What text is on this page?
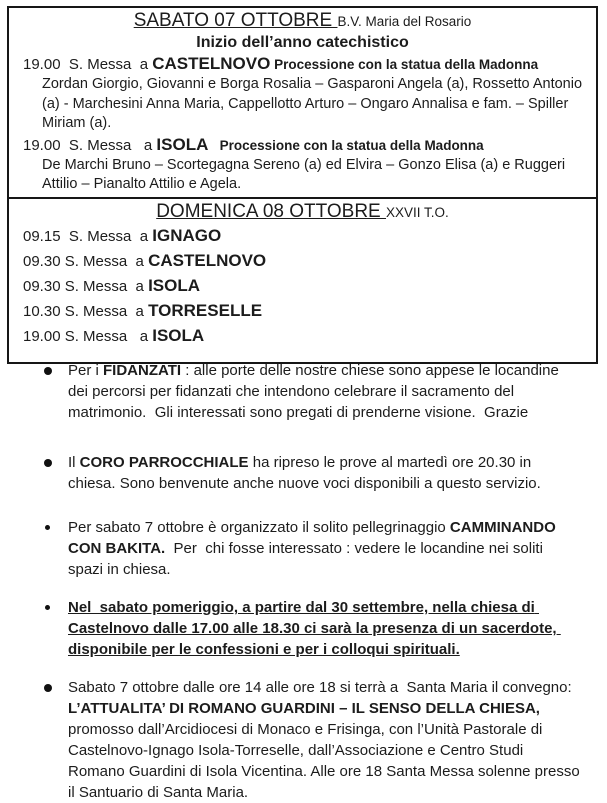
SABATO 07 OTTOBRE B.V. Maria del Rosario
Inizio dell’anno catechistico
19.00  S. Messa  a CASTELNOVO Processione con la statua della Madonna
Zordan Giorgio, Giovanni e Borga Rosalia – Gasparoni Angela (a), Rossetto Antonio (a) - Marchesini Anna Maria, Cappellotto Arturo – Ongaro Annalisa e fam. – Spiller Miriam (a).
19.00  S. Messa   a ISOLA   Processione con la statua della Madonna
De Marchi Bruno – Scortegagna Sereno (a) ed Elvira – Gonzo Elisa (a) e Ruggeri Attilio – Pianalto Attilio e Agela.
DOMENICA 08 OTTOBRE XXVII T.O.
09.15  S. Messa  a IGNAGO
09.30 S. Messa  a CASTELNOVO
09.30 S. Messa  a ISOLA
10.30 S. Messa  a TORRESELLE
19.00 S. Messa   a ISOLA
Per i FIDANZATI : alle porte delle nostre chiese sono appese le locandine dei percorsi per fidanzati che intendono celebrare il sacramento del matrimonio.  Gli interessati sono pregati di prenderne visione.  Grazie
Il CORO PARROCCHIALE ha ripreso le prove al martedì ore 20.30 in chiesa. Sono benvenute anche nuove voci disponibili a questo servizio.
Per sabato 7 ottobre è organizzato il solito pellegrinaggio CAMMINANDO CON BAKITA.  Per  chi fosse interessato : vedere le locandine nei soliti spazi in chiesa.
Nel  sabato pomeriggio, a partire dal 30 settembre, nella chiesa di Castelnovo dalle 17.00 alle 18.30 ci sarà la presenza di un sacerdote, disponibile per le confessioni e per i colloqui spirituali.
Sabato 7 ottobre dalle ore 14 alle ore 18 si terrà a  Santa Maria il convegno: L’ATTUALITA’ DI ROMANO GUARDINI – IL SENSO DELLA CHIESA, promosso dall’Arcidiocesi di Monaco e Frisinga, con l’Unità Pastorale di Castelnovo-Ignago Isola-Torreselle, dall’Associazione e Centro Studi Romano Guardini di Isola Vicentina. Alle ore 18 Santa Messa solenne presso il Santuario di Santa Maria.
